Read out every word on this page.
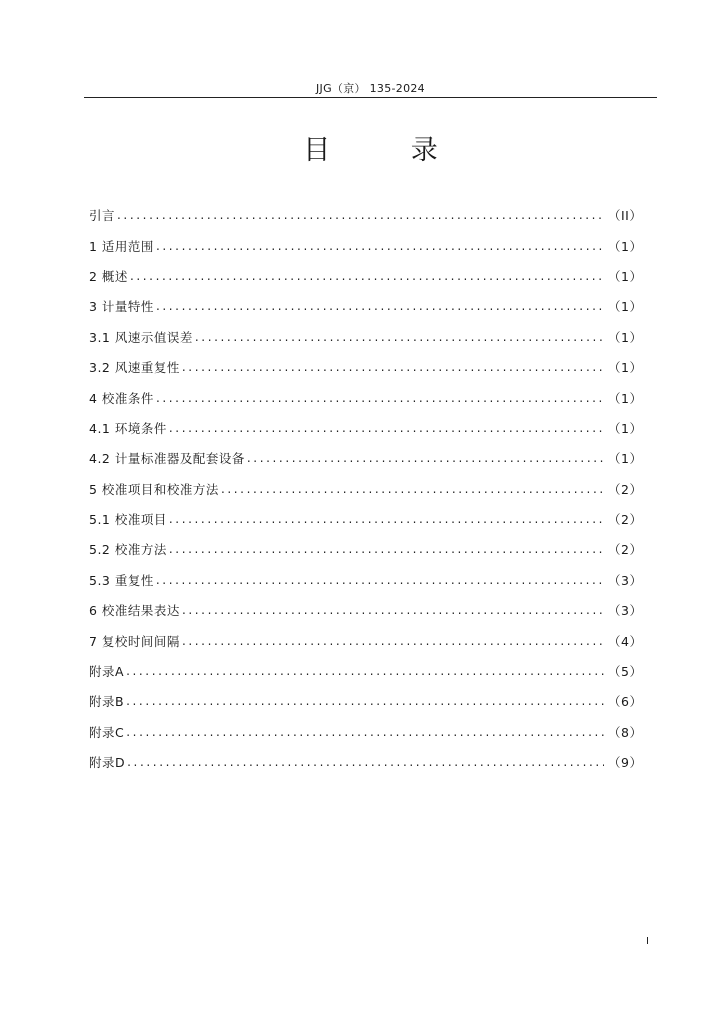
JJG（京） 135-2024
目 录
引言 .....	（II）
1 适用范围 .....	（1）
2 概述 .....	（1）
3 计量特性 .....	（1）
3.1 风速示值误差 .....	（1）
3.2 风速重复性 .....	（1）
4 校准条件 .....	（1）
4.1 环境条件 .....	（1）
4.2 计量标准器及配套设备 .....	（1）
5 校准项目和校准方法 .....	（2）
5.1 校准项目 .....	（2）
5.2 校准方法 .....	（2）
5.3 重复性 .....	（3）
6 校准结果表达 .....	（3）
7 复校时间间隔 .....	（4）
附录A .....	（5）
附录B .....	（6）
附录C .....	（8）
附录D .....	（9）
I
